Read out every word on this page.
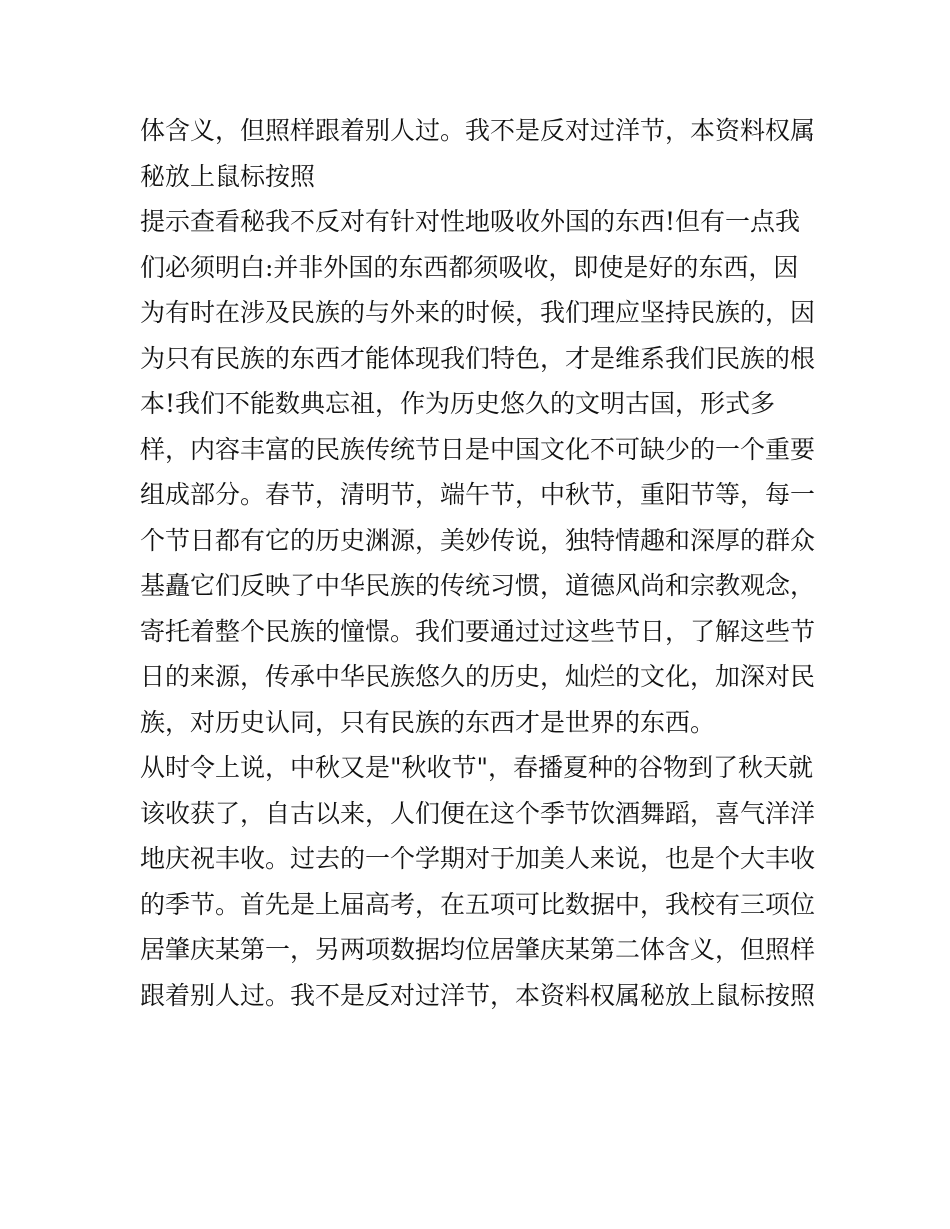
体含义，但照样跟着别人过。我不是反对过洋节，本资料权属
秘放上鼠标按照
提示查看秘我不反对有针对性地吸收外国的东西!但有一点我
们必须明白:并非外国的东西都须吸收，即使是好的东西，因
为有时在涉及民族的与外来的时候，我们理应坚持民族的，因
为只有民族的东西才能体现我们特色，才是维系我们民族的根
本!我们不能数典忘祖，作为历史悠久的文明古国，形式多
样，内容丰富的民族传统节日是中国文化不可缺少的一个重要
组成部分。春节，清明节，端午节，中秋节，重阳节等，每一
个节日都有它的历史渊源，美妙传说，独特情趣和深厚的群众
基矗它们反映了中华民族的传统习惯，道德风尚和宗教观念，
寄托着整个民族的憧憬。我们要通过过这些节日，了解这些节
日的来源，传承中华民族悠久的历史，灿烂的文化，加深对民
族，对历史认同，只有民族的东西才是世界的东西。
从时令上说，中秋又是"秋收节"，春播夏种的谷物到了秋天就
该收获了，自古以来，人们便在这个季节饮酒舞蹈，喜气洋洋
地庆祝丰收。过去的一个学期对于加美人来说，也是个大丰收
的季节。首先是上届高考，在五项可比数据中，我校有三项位
居肇庆某第一，另两项数据均位居肇庆某第二体含义，但照样
跟着别人过。我不是反对过洋节，本资料权属秘放上鼠标按照
